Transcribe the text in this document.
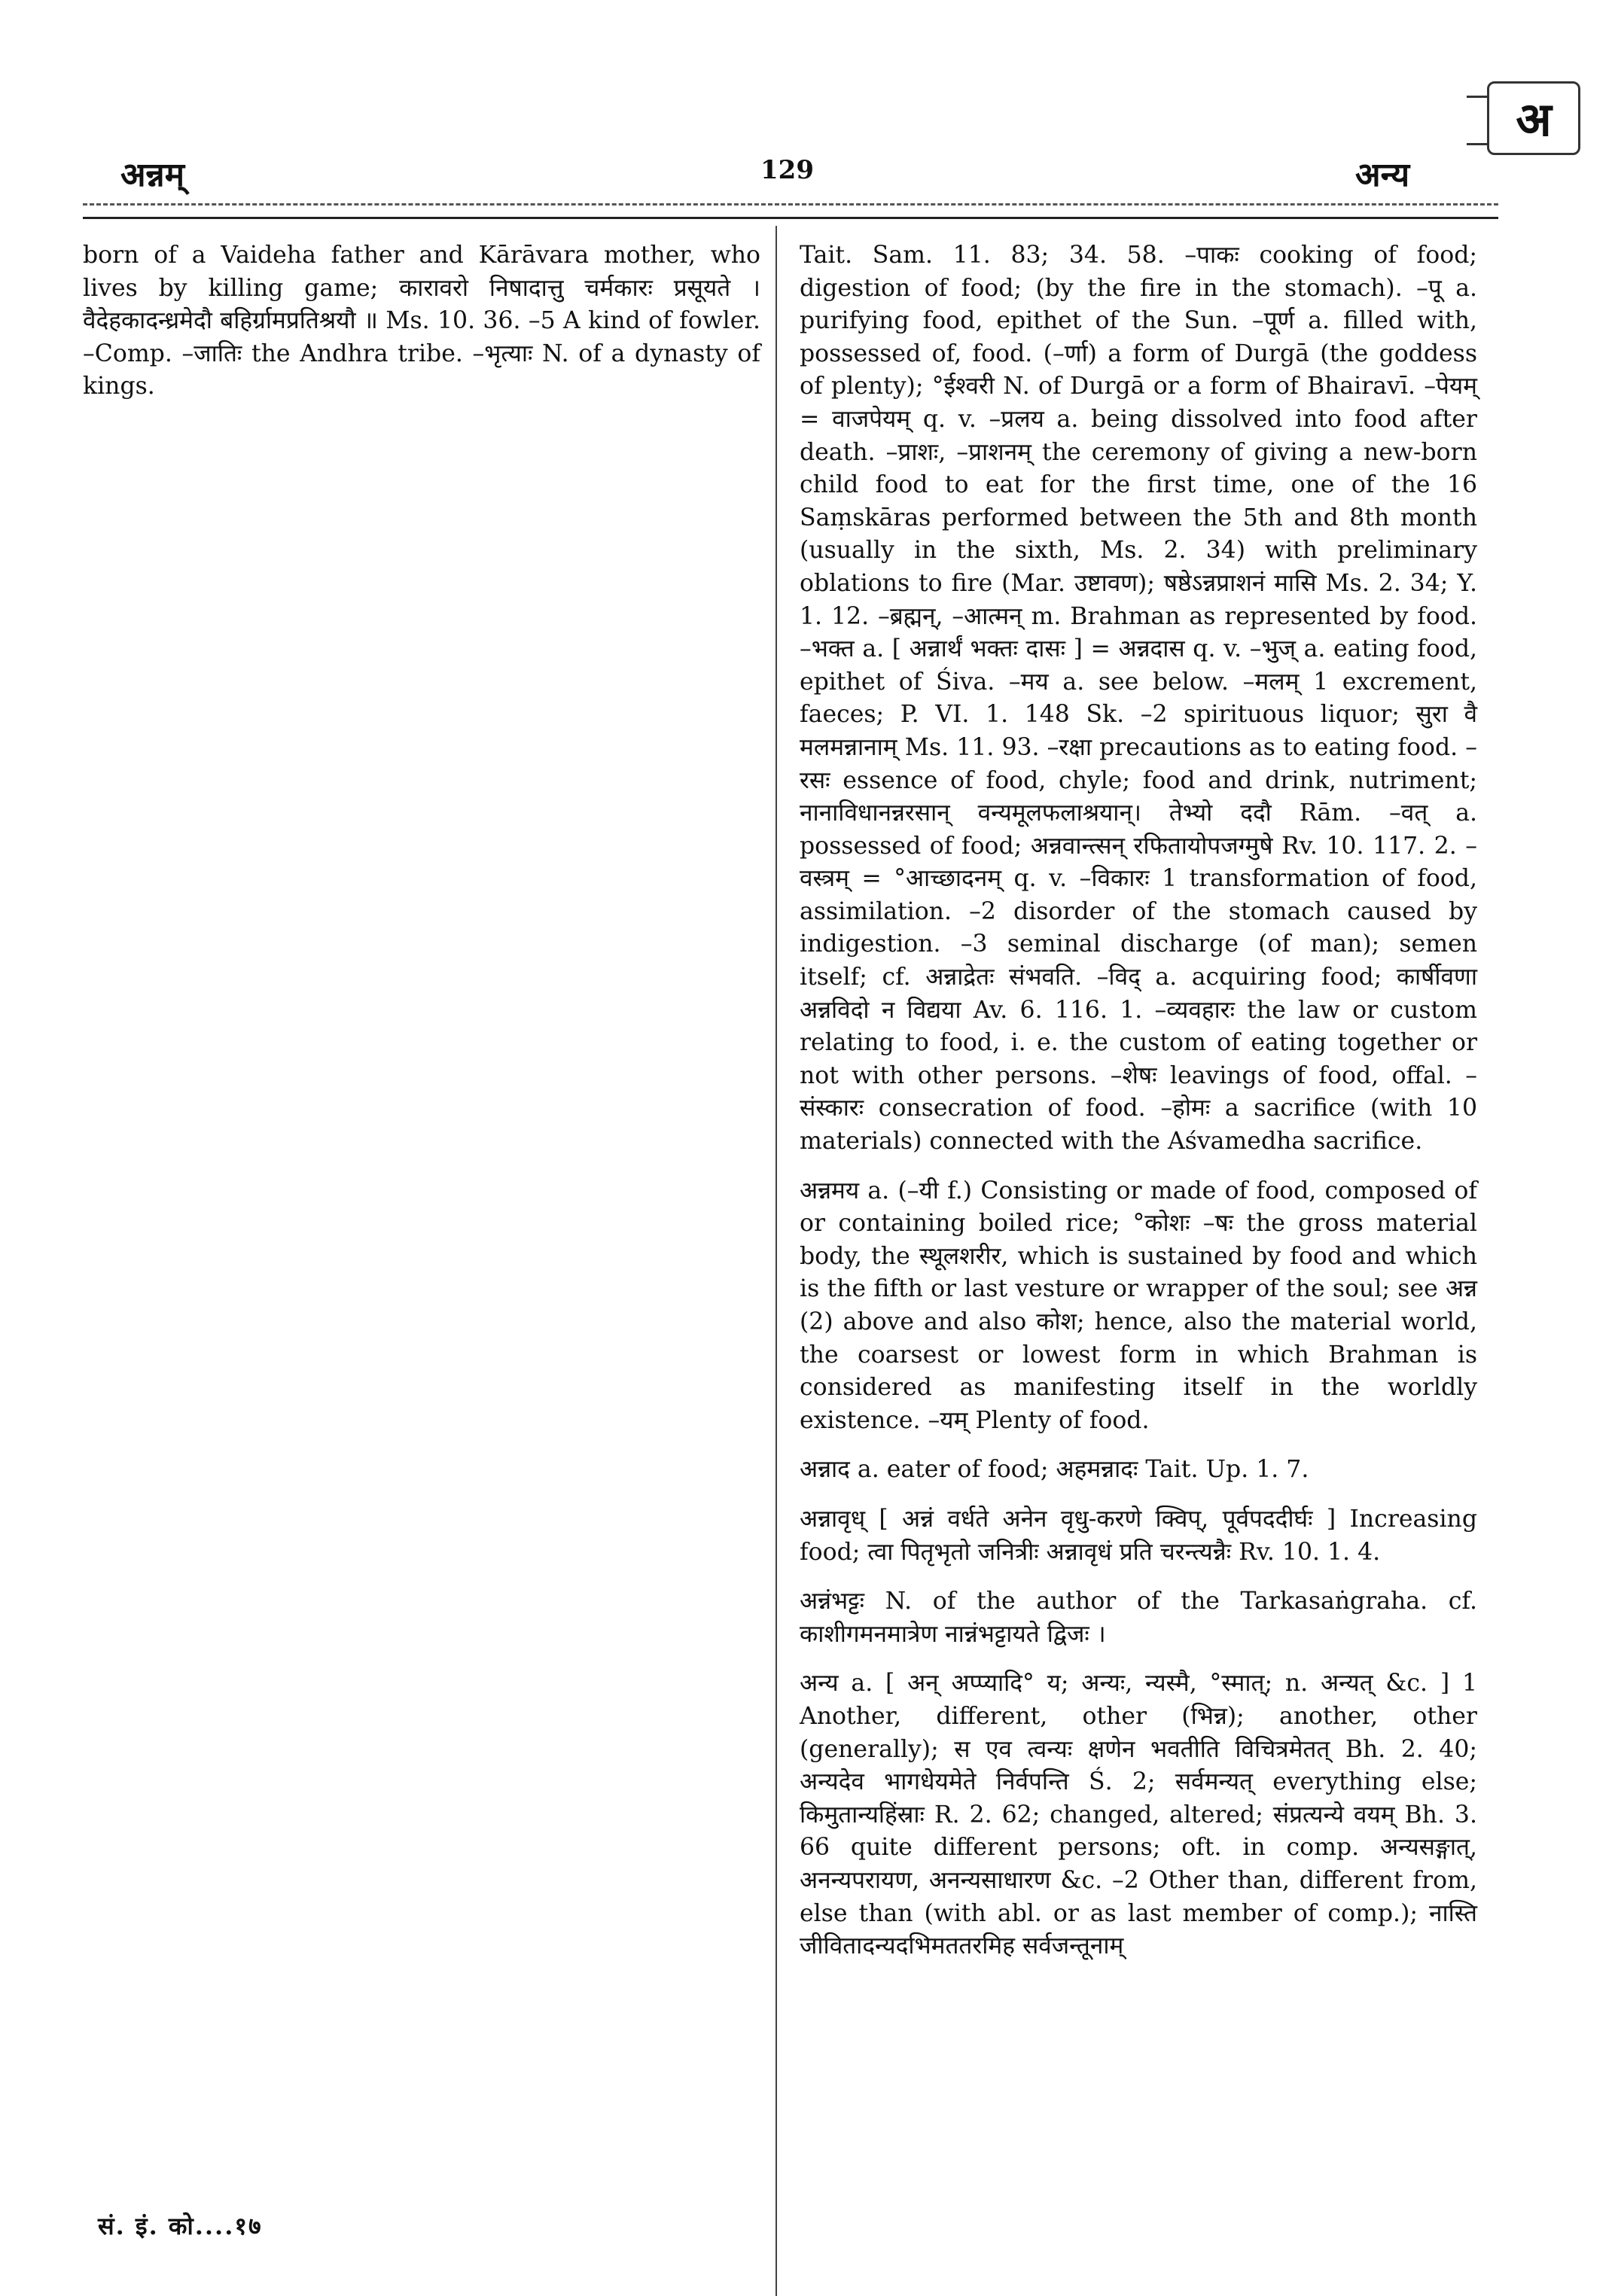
अ
अन्नम्	129	अन्य

born of a Vaideha father and Kārāvara mother, who lives by killing game; कारावरो निषादात्तु चर्मकारः प्रसूयते । वैदेहकादन्ध्रमेदौ बहिर्ग्रामप्रतिश्रयौ ॥ Ms. 10. 36. –5 A kind of fowler. –Comp. –जातिः the Andhra tribe. –भृत्याः N. of a dynasty of kings.

Tait. Sam. 11. 83; 34. 58. –पाकः cooking of food; digestion of food; (by the fire in the stomach). –पू a. purifying food, epithet of the Sun. –पूर्ण a. filled with, possessed of, food. (–र्णा) a form of Durgā (the goddess of plenty); °ईश्वरी N. of Durgā or a form of Bhairavī. –पेयम् = वाजपेयम् q. v. –प्रलय a. being dissolved into food after death. –प्राशः, –प्राशनम् the ceremony of giving a new-born child food to eat for the first time, one of the 16 Saṃskāras performed between the 5th and 8th month (usually in the sixth, Ms. 2. 34) with preliminary oblations to fire (Mar. उष्टावण); षष्ठेऽन्नप्राशनं मासि Ms. 2. 34; Y. 1. 12. –ब्रह्मन्, –आत्मन् m. Brahman as represented by food. –भक्त a. [ अन्नार्थं भक्तः दासः ] = अन्नदास q. v. –भुज् a. eating food, epithet of Śiva. –मय a. see below. –मलम् 1 excrement, faeces; P. VI. 1. 148 Sk. –2 spirituous liquor; सुरा वै मलमन्नानाम् Ms. 11. 93. –रक्षा precautions as to eating food. –रसः essence of food, chyle; food and drink, nutriment; नानाविधानन्नरसान् वन्यमूलफलाश्रयान्। तेभ्यो ददौ Rām. –वत् a. possessed of food; अन्नवान्त्सन् रफितायोपजग्मुषे Rv. 10. 117. 2. –वस्त्रम् = °आच्छादनम् q. v. –विकारः 1 transformation of food, assimilation. –2 disorder of the stomach caused by indigestion. –3 seminal discharge (of man); semen itself; cf. अन्नाद्रेतः संभवति. –विद् a. acquiring food; कार्षीवणा अन्नविदो न विद्यया Av. 6. 116. 1. –व्यवहारः the law or custom relating to food, i. e. the custom of eating together or not with other persons. –शेषः leavings of food, offal. –संस्कारः consecration of food. –होमः a sacrifice (with 10 materials) connected with the Aśvamedha sacrifice.

अन्नमय a. (–यी f.) Consisting or made of food, composed of or containing boiled rice; °कोशः –षः the gross material body, the स्थूलशरीर, which is sustained by food and which is the fifth or last vesture or wrapper of the soul; see अन्न (2) above and also कोश; hence, also the material world, the coarsest or lowest form in which Brahman is considered as manifesting itself in the worldly existence. –यम् Plenty of food.

अन्नाद a. eater of food; अहमन्नादः Tait. Up. 1. 7.

अन्नावृध् [ अन्नं वर्धते अनेन वृधु-करणे क्विप्, पूर्वपददीर्घः ] Increasing food; त्वा पितृभृतो जनित्रीः अन्नावृधं प्रति चरन्त्यन्नैः Rv. 10. 1. 4.

अन्नंभट्टः N. of the author of the Tarkasaṅgraha. cf. काशीगमनमात्रेण नान्नंभट्टायते द्विजः ।

अन्य a. [ अन् अप्प्यादि° य; अन्यः, न्यस्मै, °स्मात्; n. अन्यत् &c. ] 1 Another, different, other (भिन्न); another, other (generally); स एव त्वन्यः क्षणेन भवतीति विचित्रमेतत् Bh. 2. 40; अन्यदेव भागधेयमेते निर्वपन्ति Ś. 2; सर्वमन्यत् everything else; किमुतान्यहिंस्राः R. 2. 62; changed, altered; संप्रत्यन्ये वयम् Bh. 3. 66 quite different persons; oft. in comp. अन्यसङ्गात्, अनन्यपरायण, अनन्यसाधारण &c. –2 Other than, different from, else than (with abl. or as last member of comp.); नास्ति जीवितादन्यदभिमततरमिह सर्वजन्तूनाम्

सं. इं. को....१७
